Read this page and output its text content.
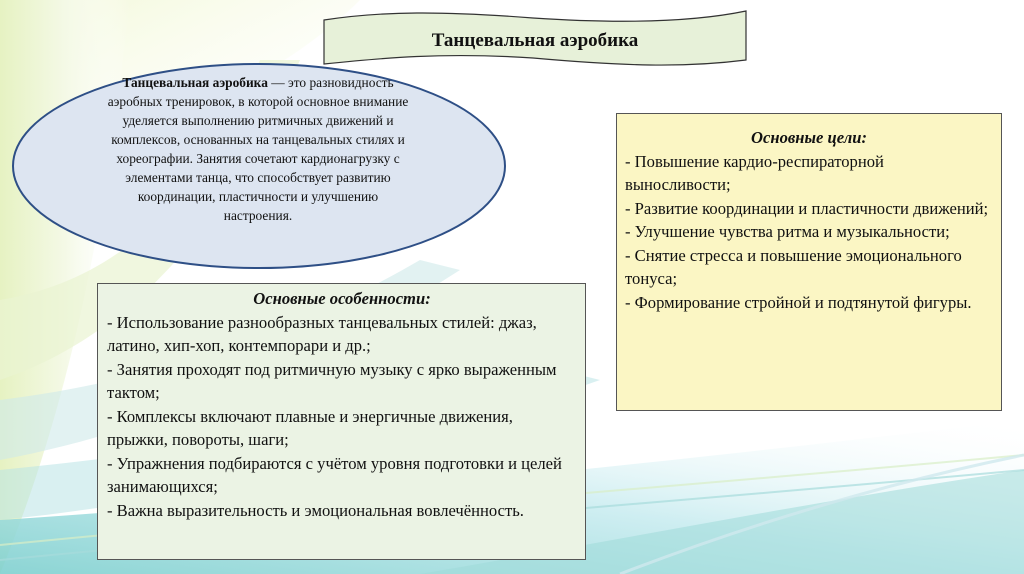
Танцевальная аэробика
Танцевальная аэробика — это разновидность аэробных тренировок, в которой основное внимание уделяется выполнению ритмичных движений и комплексов, основанных на танцевальных стилях и хореографии. Занятия сочетают кардионагрузку с элементами танца, что способствует развитию координации, пластичности и улучшению настроения.
Основные особенности:
- Использование разнообразных танцевальных стилей: джаз, латино, хип-хоп, контемпорари и др.;
- Занятия проходят под ритмичную музыку с ярко выраженным тактом;
- Комплексы включают плавные и энергичные движения, прыжки, повороты, шаги;
- Упражнения подбираются с учётом уровня подготовки и целей занимающихся;
- Важна выразительность и эмоциональная вовлечённость.
Основные цели:
- Повышение кардио-респираторной выносливости;
- Развитие координации и пластичности движений;
- Улучшение чувства ритма и музыкальности;
- Снятие стресса и повышение эмоционального тонуса;
- Формирование стройной и подтянутой фигуры.
